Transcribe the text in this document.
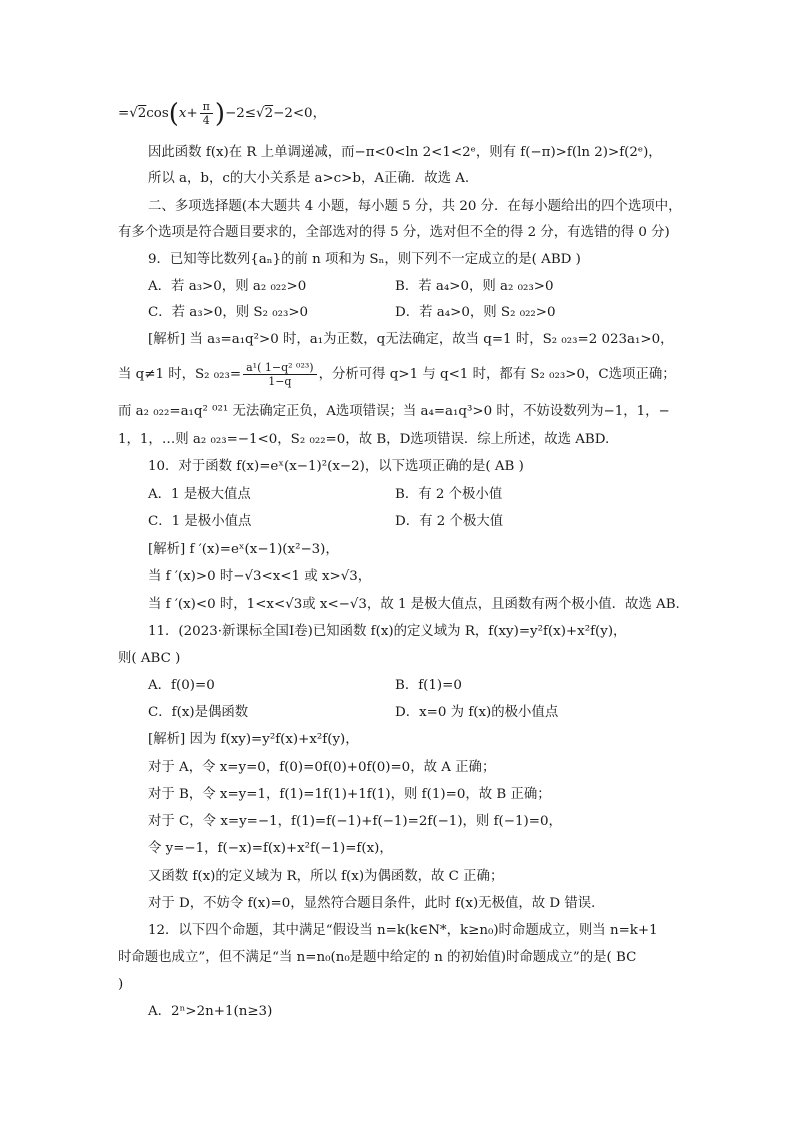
$=√2\cos(x+ \frac{\pi}{4} )-2\le√2-2<0$，
因此函数 f(x)在 R 上单调递减，而−π<0<ln 2<1<2ᵉ，则有 f(−π)>f(ln 2)>f(2ᵉ)，
所以 a，b，c的大小关系是 a>c>b，A正确．故选 A.
二、多项选择题(本大题共 4 小题，每小题 5 分，共 20 分．在每小题给出的四个选项中，
有多个选项是符合题目要求的，全部选对的得 5 分，选对但不全的得 2 分，有选错的得 0 分)
9．已知等比数列{aₙ}的前 n 项和为 Sₙ，则下列不一定成立的是( ABD )
A．若 a₃>0，则 a₂ ₀₂₂>0	B．若 a₄>0，则 a₂ ₀₂₃>0
C．若 a₃>0，则 S₂ ₀₂₃>0	D．若 a₄>0，则 S₂ ₀₂₂>0
[解析] 当 a₃=a₁q²>0 时，a₁为正数，q无法确定，故当 q=1 时，S₂ ₀₂₃=2 023a₁>0，
当 q≠1 时，S₂ $_{023}= \frac{\text{a¹( 1−q² ⁰²³)}}{1-q}$ ，分析可得 q>1 与 q<1 时，都有 S₂ ₀₂₃>0，C选项正确；
而 a₂ ₀₂₂=a₁q² ⁰²¹ 无法确定正负，A选项错误；当 a₄=a₁q³>0 时，不妨设数列为−1，1，−
1，1，…则 a₂ ₀₂₃=−1<0，S₂ ₀₂₂=0，故 B，D选项错误．综上所述，故选 ABD.
10．对于函数 f(x)=eˣ(x−1)²(x−2)，以下选项正确的是( AB )
A．1 是极大值点	B．有 2 个极小值
C．1 是极小值点	D．有 2 个极大值
[解析] f ′(x)=eˣ(x−1)(x²−3)，
当 f ′(x)>0 时−√3<x<1 或 x>√3，
当 f ′(x)<0 时，1<x<√3或 x<−√3，故 1 是极大值点，且函数有两个极小值．故选 AB.
11．(2023·新课标全国Ⅰ卷)已知函数 f(x)的定义域为 R，f(xy)=y²f(x)+x²f(y)，
则( ABC )
A．f(0)=0	B．f(1)=0
C．f(x)是偶函数	D．x=0 为 f(x)的极小值点
[解析] 因为 f(xy)=y²f(x)+x²f(y)，
对于 A，令 x=y=0，f(0)=0f(0)+0f(0)=0，故 A 正确；
对于 B，令 x=y=1，f(1)=1f(1)+1f(1)，则 f(1)=0，故 B 正确；
对于 C，令 x=y=−1，f(1)=f(−1)+f(−1)=2f(−1)，则 f(−1)=0，
令 y=−1，f(−x)=f(x)+x²f(−1)=f(x)，
又函数 f(x)的定义域为 R，所以 f(x)为偶函数，故 C 正确；
对于 D，不妨令 f(x)=0，显然符合题目条件，此时 f(x)无极值，故 D 错误．
12．以下四个命题，其中满足“假设当 n=k(k∈N*，k≥n₀)时命题成立，则当 n=k+1
时命题也成立”，但不满足“当 n=n₀(n₀是题中给定的 n 的初始值)时命题成立”的是( BC
)
A．2ⁿ>2n+1(n≥3)
